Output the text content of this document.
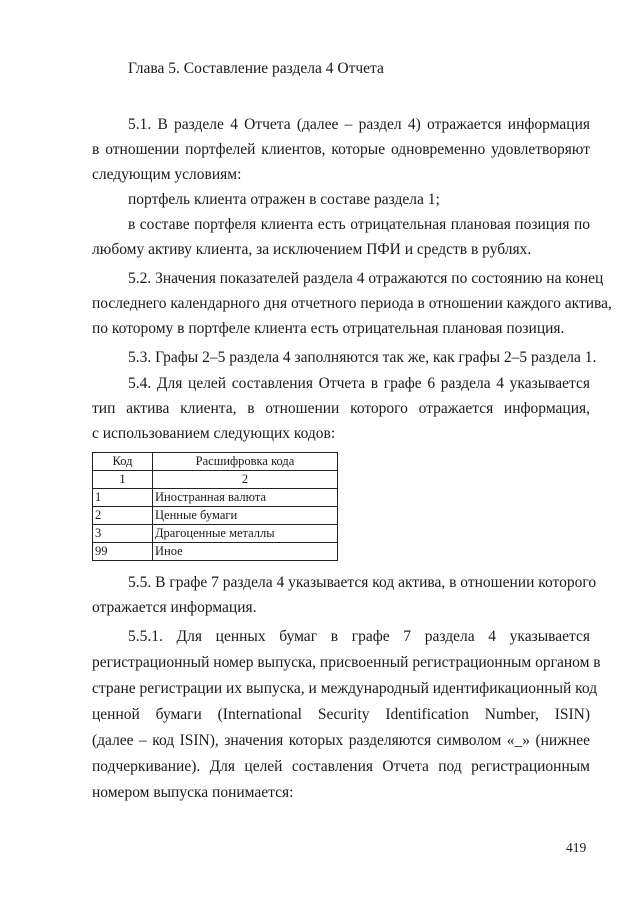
Глава 5. Составление раздела 4 Отчета
5.1. В разделе 4 Отчета (далее – раздел 4) отражается информация
в отношении портфелей клиентов, которые одновременно удовлетворяют
следующим условиям:
портфель клиента отражен в составе раздела 1;
в составе портфеля клиента есть отрицательная плановая позиция по
любому активу клиента, за исключением ПФИ и средств в рублях.
5.2. Значения показателей раздела 4 отражаются по состоянию на конец
последнего календарного дня отчетного периода в отношении каждого актива,
по которому в портфеле клиента есть отрицательная плановая позиция.
5.3. Графы 2–5 раздела 4 заполняются так же, как графы 2–5 раздела 1.
5.4. Для целей составления Отчета в графе 6 раздела 4 указывается
тип актива клиента, в отношении которого отражается информация,
с использованием следующих кодов:
Код	Расшифровка кода
1	2
1	Иностранная валюта
2	Ценные бумаги
3	Драгоценные металлы
99	Иное
5.5. В графе 7 раздела 4 указывается код актива, в отношении которого
отражается информация.
5.5.1. Для ценных бумаг в графе 7 раздела 4 указывается
регистрационный номер выпуска, присвоенный регистрационным органом в
стране регистрации их выпуска, и международный идентификационный код
ценной бумаги (International Security Identification Number, ISIN)
(далее – код ISIN), значения которых разделяются символом «_» (нижнее
подчеркивание). Для целей составления Отчета под регистрационным
номером выпуска понимается:
419
